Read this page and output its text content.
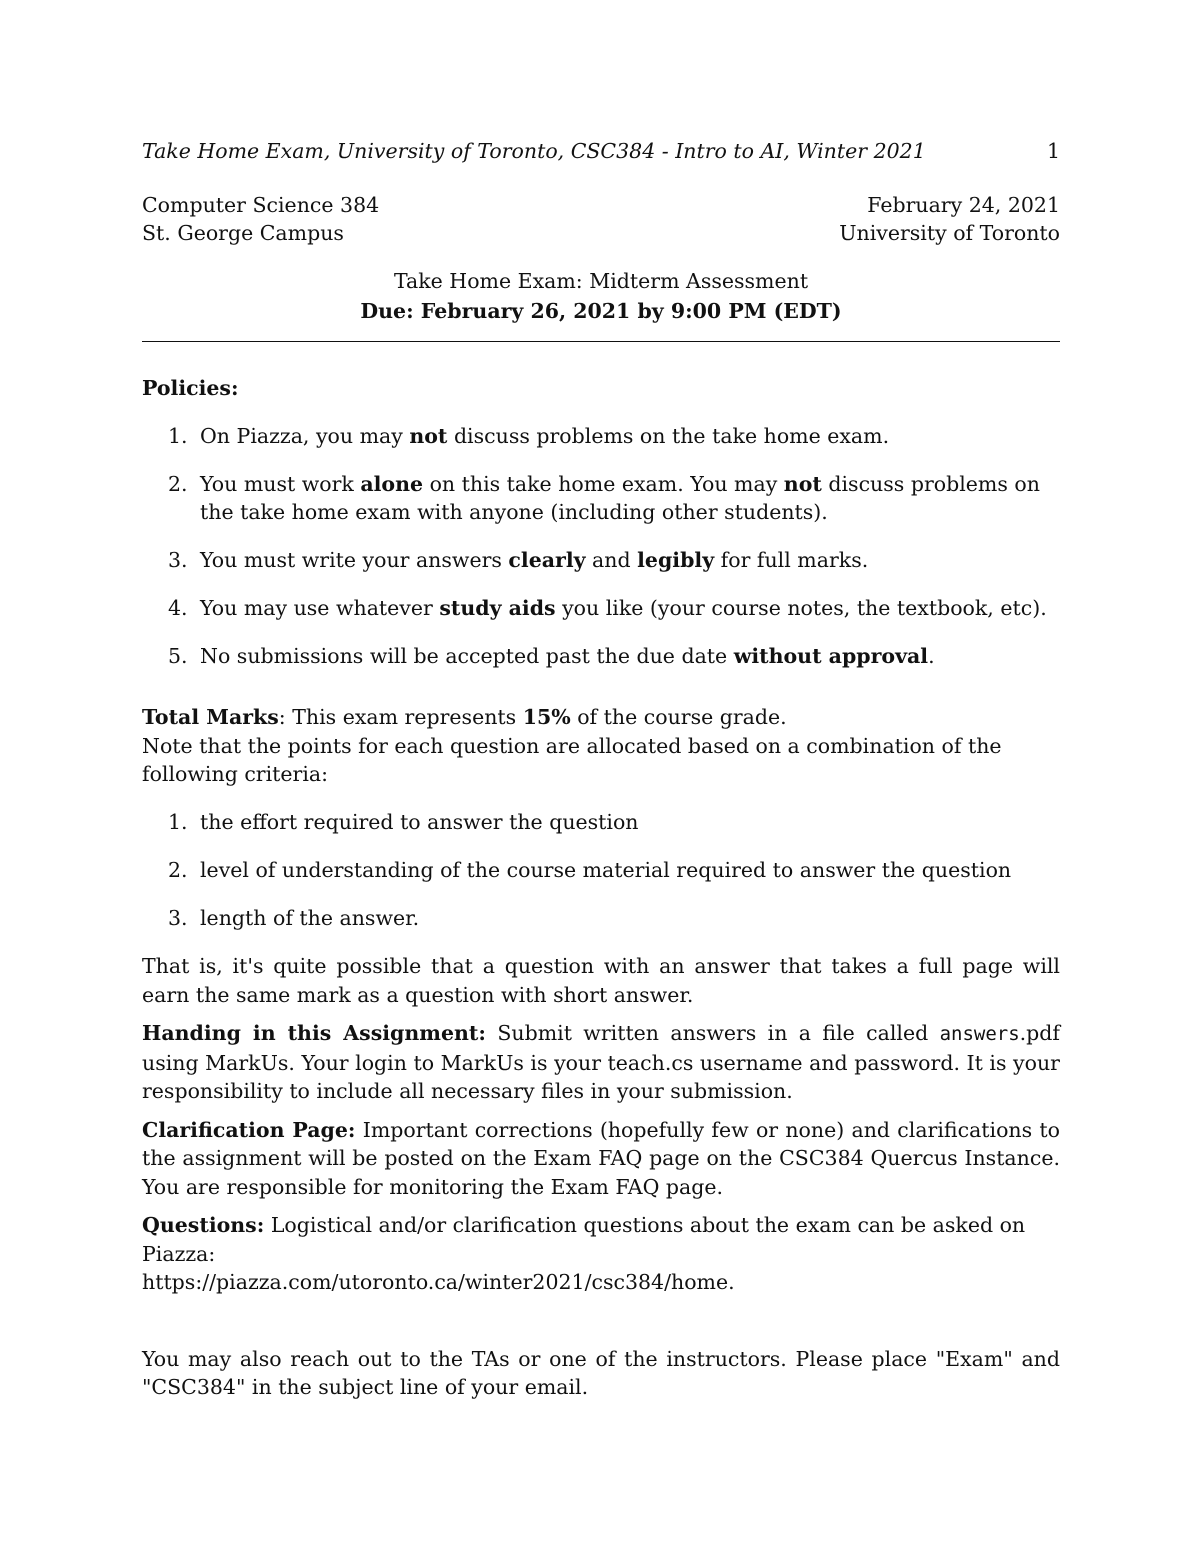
Take Home Exam, University of Toronto, CSC384 - Intro to AI, Winter 2021	1
Computer Science 384	February 24, 2021
St. George Campus	University of Toronto
Take Home Exam: Midterm Assessment
Due: February 26, 2021 by 9:00 PM (EDT)
Policies:
1. On Piazza, you may not discuss problems on the take home exam.
2. You must work alone on this take home exam. You may not discuss problems on the take home exam with anyone (including other students).
3. You must write your answers clearly and legibly for full marks.
4. You may use whatever study aids you like (your course notes, the textbook, etc).
5. No submissions will be accepted past the due date without approval.
Total Marks: This exam represents 15% of the course grade.
Note that the points for each question are allocated based on a combination of the following criteria:
1. the effort required to answer the question
2. level of understanding of the course material required to answer the question
3. length of the answer.

That is, it's quite possible that a question with an answer that takes a full page will earn the same mark as a question with short answer.

Handing in this Assignment: Submit written answers in a file called answers.pdf using MarkUs. Your login to MarkUs is your teach.cs username and password. It is your responsibility to include all necessary files in your submission.

Clarification Page: Important corrections (hopefully few or none) and clarifications to the assignment will be posted on the Exam FAQ page on the CSC384 Quercus Instance. You are responsible for monitoring the Exam FAQ page.

Questions: Logistical and/or clarification questions about the exam can be asked on Piazza:
https://piazza.com/utoronto.ca/winter2021/csc384/home.

You may also reach out to the TAs or one of the instructors. Please place "Exam" and "CSC384" in the subject line of your email.
